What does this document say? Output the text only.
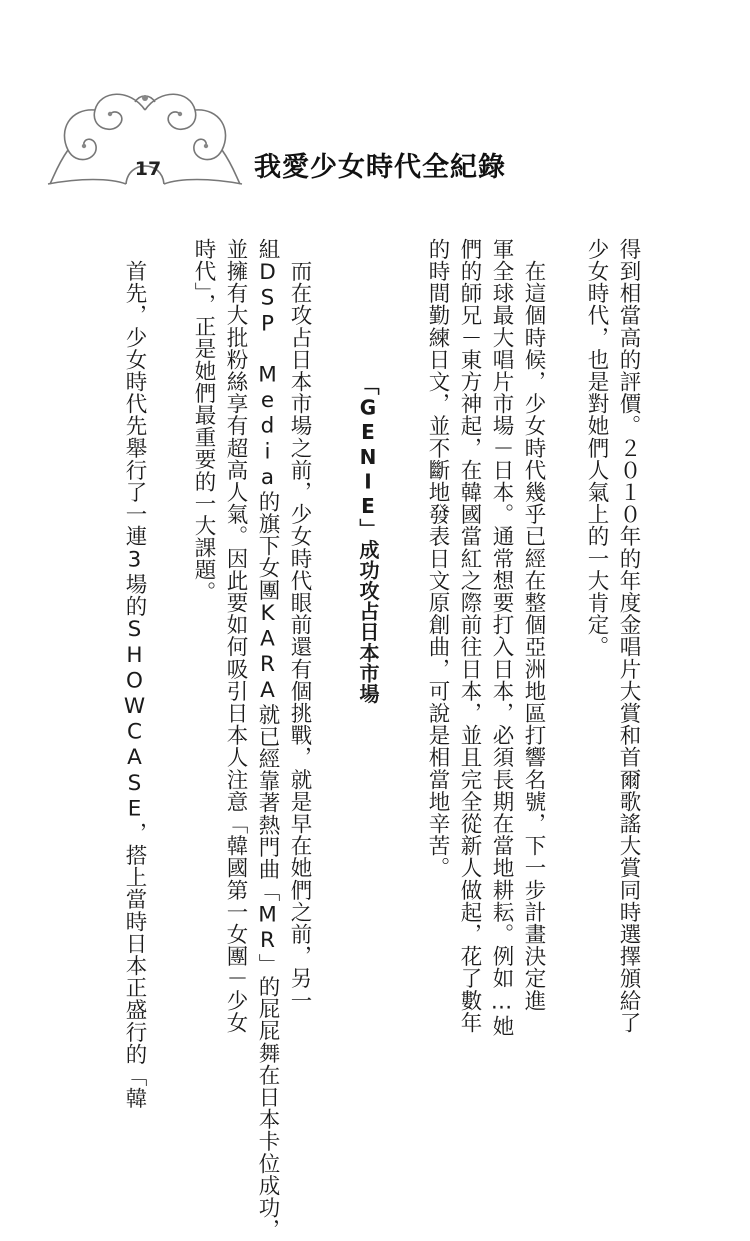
17	我愛少女時代全紀錄
得到相當高的評價。２０１０年的年度金唱片大賞和首爾歌謠大賞同時選擇頒給了
少女時代，也是對她們人氣上的一大肯定。
　在這個時候，少女時代幾乎已經在整個亞洲地區打響名號，下一步計畫決定進
軍全球最大唱片市場－日本。通常想要打入日本，必須長期在當地耕耘。例如…她
們的師兄－東方神起，在韓國當紅之際前往日本，並且完全從新人做起，花了數年
的時間勤練日文，並不斷地發表日文原創曲，可說是相當地辛苦。
「GENIE」成功攻占日本市場
　而在攻占日本市場之前，少女時代眼前還有個挑戰，就是早在她們之前，另一
組DSP Media的旗下女團KARA就已經靠著熱門曲「MR」的屁屁舞在日本卡位成功，
並擁有大批粉絲享有超高人氣。因此要如何吸引日本人注意「韓國第一女團－少女
時代」，正是她們最重要的一大課題。
　首先，少女時代先舉行了一連3場的SHOWCASE，搭上當時日本正盛行的「韓
